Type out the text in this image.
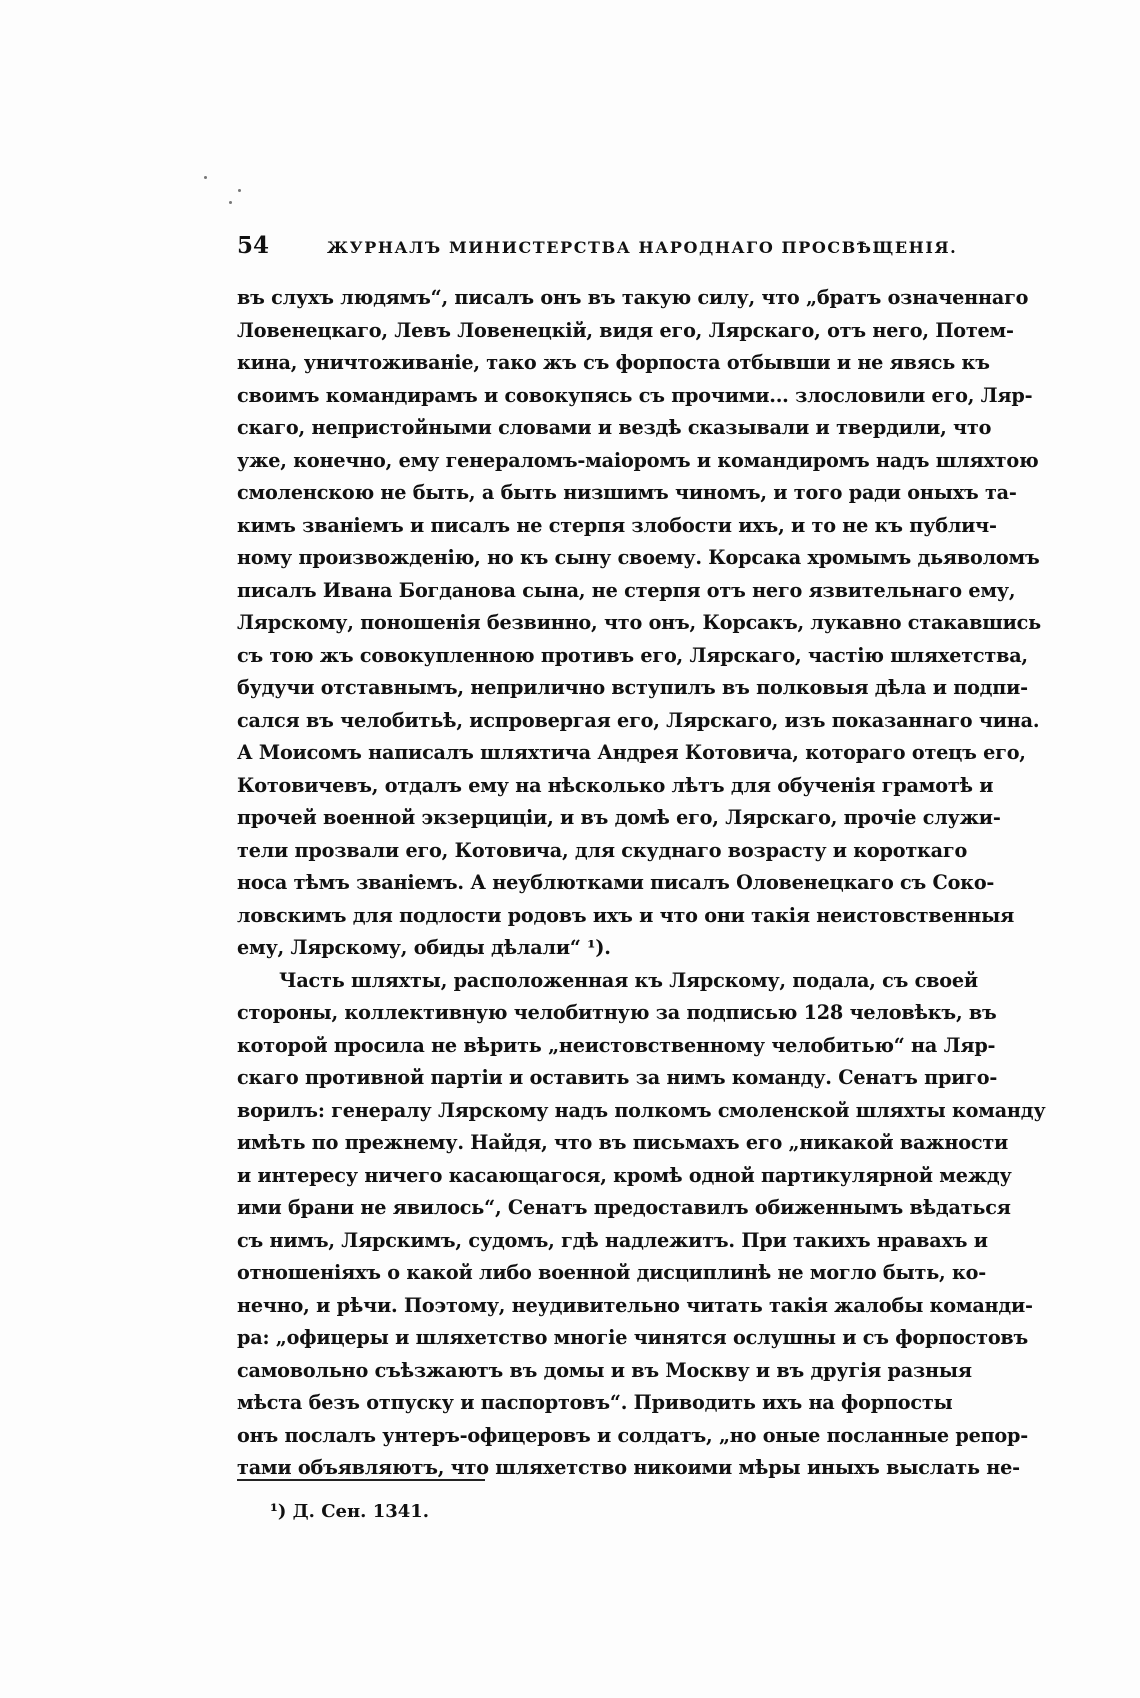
54	ЖУРНАЛЪ МИНИСТЕРСТВА НАРОДНАГО ПРОСВѢЩЕНІЯ.
въ слухъ людямъ“, писалъ онъ въ такую силу, что „братъ означеннаго
Ловенецкаго, Левъ Ловенецкій, видя его, Лярскаго, отъ него, Потем-
кина, уничтоживаніе, тако жъ съ форпоста отбывши и не явясь къ
своимъ командирамъ и совокупясь съ прочими... злословили его, Ляр-
скаго, непристойными словами и вездѣ сказывали и твердили, что
уже, конечно, ему генераломъ-маіоромъ и командиромъ надъ шляхтою
смоленскою не быть, а быть низшимъ чиномъ, и того ради оныхъ та-
кимъ званіемъ и писалъ не стерпя злобости ихъ, и то не къ публич-
ному произвожденію, но къ сыну своему. Корсака хромымъ дьяволомъ
писалъ Ивана Богданова сына, не стерпя отъ него язвительнаго ему,
Лярскому, поношенія безвинно, что онъ, Корсакъ, лукавно стакавшись
съ тою жъ совокупленною противъ его, Лярскаго, частію шляхетства,
будучи отставнымъ, неприлично вступилъ въ полковыя дѣла и подпи-
сался въ челобитьѣ, испровергая его, Лярскаго, изъ показаннаго чина.
А Моисомъ написалъ шляхтича Андрея Котовича, котораго отецъ его,
Котовичевъ, отдалъ ему на нѣсколько лѣтъ для обученія грамотѣ и
прочей военной экзерциціи, и въ домѣ его, Лярскаго, прочіе служи-
тели прозвали его, Котовича, для скуднаго возрасту и короткаго
носа тѣмъ званіемъ. А неублютками писалъ Оловенецкаго съ Соко-
ловскимъ для подлости родовъ ихъ и что они такія неистовственныя
ему, Лярскому, обиды дѣлали“ ¹).
Часть шляхты, расположенная къ Лярскому, подала, съ своей
стороны, коллективную челобитную за подписью 128 человѣкъ, въ
которой просила не вѣрить „неистовственному челобитью“ на Ляр-
скаго противной партіи и оставить за нимъ команду. Сенатъ приго-
ворилъ: генералу Лярскому надъ полкомъ смоленской шляхты команду
имѣть по прежнему. Найдя, что въ письмахъ его „никакой важности
и интересу ничего касающагося, кромѣ одной партикулярной между
ими брани не явилось“, Сенатъ предоставилъ обиженнымъ вѣдаться
съ нимъ, Лярскимъ, судомъ, гдѣ надлежитъ. При такихъ нравахъ и
отношеніяхъ о какой либо военной дисциплинѣ не могло быть, ко-
нечно, и рѣчи. Поэтому, неудивительно читать такія жалобы команди-
ра: „офицеры и шляхетство многіе чинятся ослушны и съ форпостовъ
самовольно съѣзжаютъ въ домы и въ Москву и въ другія разныя
мѣста безъ отпуску и паспортовъ“. Приводить ихъ на форпосты
онъ послалъ унтеръ-офицеровъ и солдатъ, „но оные посланные репор-
тами объявляютъ, что шляхетство никоими мѣры иныхъ выслать не-
¹) Д. Сен. 1341.
